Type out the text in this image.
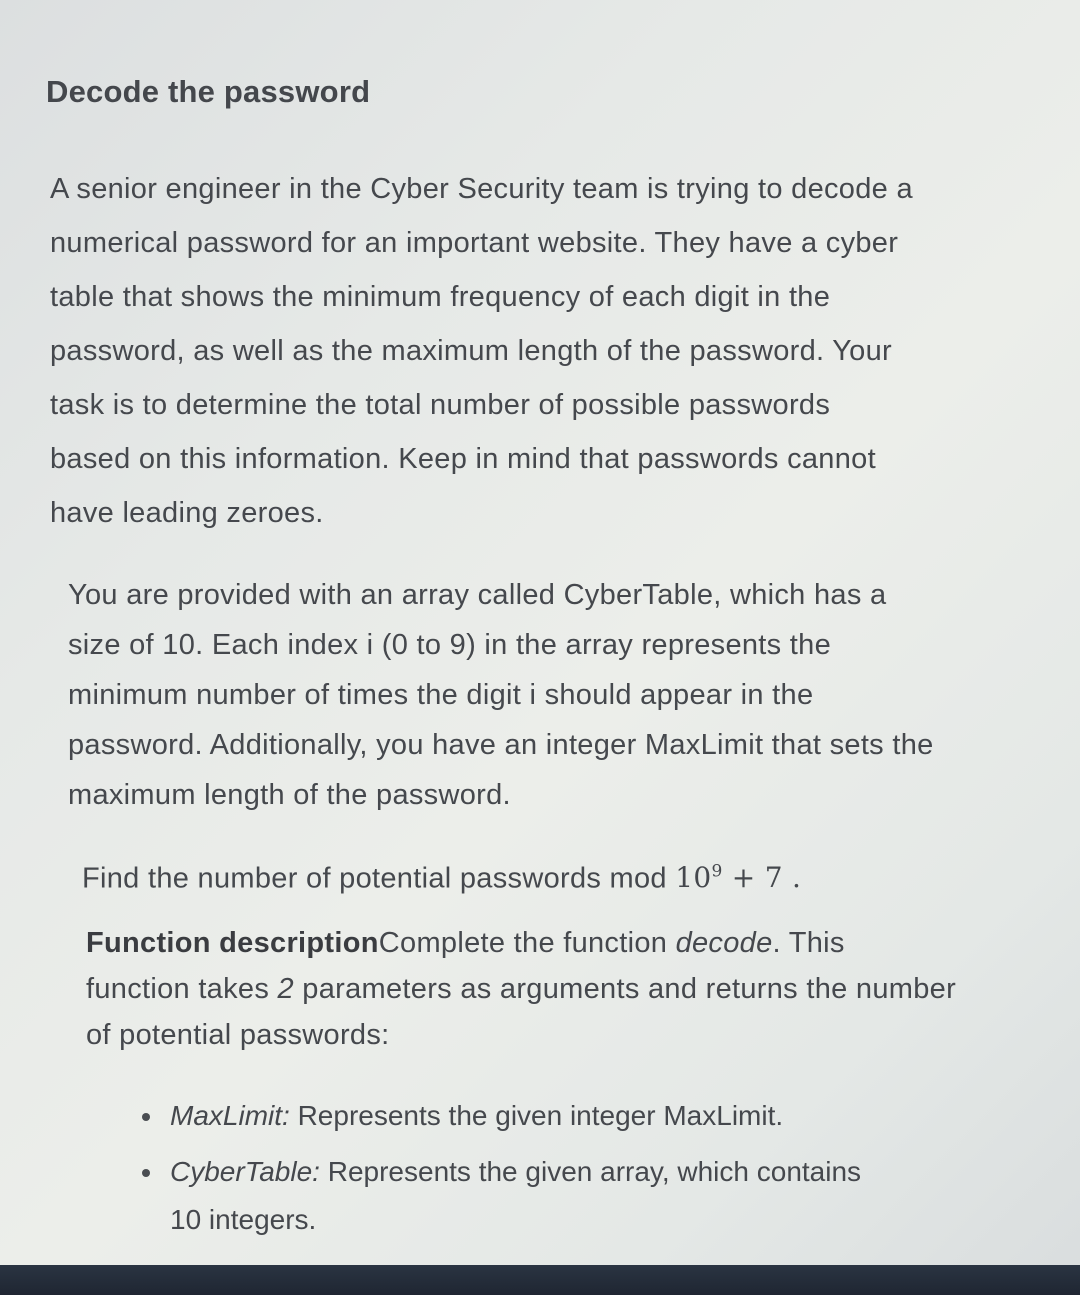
Decode the password
A senior engineer in the Cyber Security team is trying to decode a
numerical password for an important website. They have a cyber
table that shows the minimum frequency of each digit in the
password, as well as the maximum length of the password. Your
task is to determine the total number of possible passwords
based on this information. Keep in mind that passwords cannot
have leading zeroes.
You are provided with an array called CyberTable, which has a
size of 10. Each index i (0 to 9) in the array represents the
minimum number of times the digit i should appear in the
password. Additionally, you have an integer MaxLimit that sets the
maximum length of the password.
Find the number of potential passwords mod $10^9 + 7$ .
Function descriptionComplete the function decode. This
function takes 2 parameters as arguments and returns the number
of potential passwords:
MaxLimit: Represents the given integer MaxLimit.
CyberTable: Represents the given array, which contains
10 integers.
